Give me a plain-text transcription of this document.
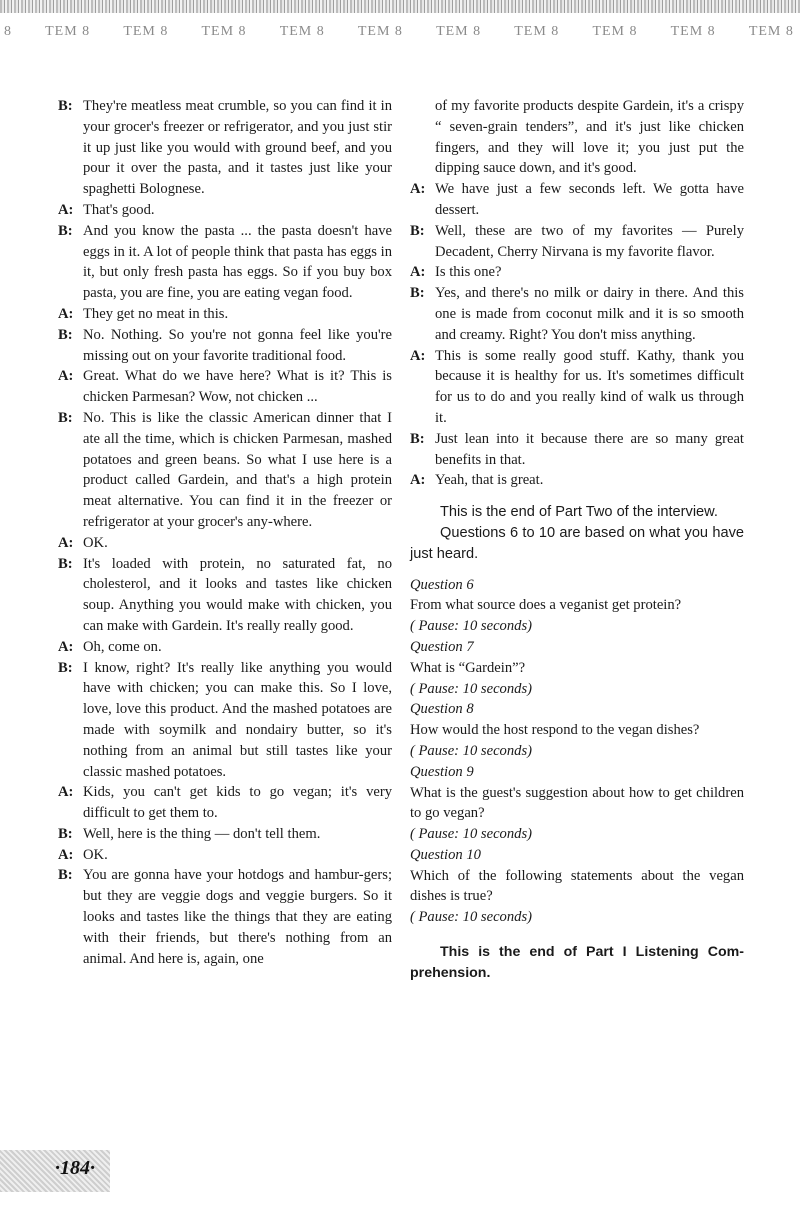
8 TEM 8 TEM 8 TEM 8 TEM 8 TEM 8 TEM 8 TEM 8 TEM 8 TEM 8 TEM 8
B: They're meatless meat crumble, so you can find it in your grocer's freezer or refrigerator, and you just stir it up just like you would with ground beef, and you pour it over the pasta, and it tastes just like your spaghetti Bolognese.
A: That's good.
B: And you know the pasta ... the pasta doesn't have eggs in it. A lot of people think that pasta has eggs in it, but only fresh pasta has eggs. So if you buy box pasta, you are fine, you are eating vegan food.
A: They get no meat in this.
B: No. Nothing. So you're not gonna feel like you're missing out on your favorite traditional food.
A: Great. What do we have here? What is it? This is chicken Parmesan? Wow, not chicken ...
B: No. This is like the classic American dinner that I ate all the time, which is chicken Parmesan, mashed potatoes and green beans. So what I use here is a product called Gardein, and that's a high protein meat alternative. You can find it in the freezer or refrigerator at your grocer's any-where.
A: OK.
B: It's loaded with protein, no saturated fat, no cholesterol, and it looks and tastes like chicken soup. Anything you would make with chicken, you can make with Gardein. It's really really good.
A: Oh, come on.
B: I know, right? It's really like anything you would have with chicken; you can make this. So I love, love, love this product. And the mashed potatoes are made with soymilk and nondairy butter, so it's nothing from an animal but still tastes like your classic mashed potatoes.
A: Kids, you can't get kids to go vegan; it's very difficult to get them to.
B: Well, here is the thing — don't tell them.
A: OK.
B: You are gonna have your hotdogs and hambur-gers; but they are veggie dogs and veggie burgers. So it looks and tastes like the things that they are eating with their friends, but there's nothing from an animal. And here is, again, one
of my favorite products despite Gardein, it's a crispy “ seven-grain tenders”, and it's just like chicken fingers, and they will love it; you just put the dipping sauce down, and it's good.
A: We have just a few seconds left. We gotta have dessert.
B: Well, these are two of my favorites — Purely Decadent, Cherry Nirvana is my favorite flavor.
A: Is this one?
B: Yes, and there's no milk or dairy in there. And this one is made from coconut milk and it is so smooth and creamy. Right? You don't miss anything.
A: This is some really good stuff. Kathy, thank you because it is healthy for us. It's sometimes difficult for us to do and you really kind of walk us through it.
B: Just lean into it because there are so many great benefits in that.
A: Yeah, that is great.
This is the end of Part Two of the interview.
Questions 6 to 10 are based on what you have just heard.
Question 6
From what source does a veganist get protein?
( Pause: 10 seconds)
Question 7
What is “Gardein”?
( Pause: 10 seconds)
Question 8
How would the host respond to the vegan dishes?
( Pause: 10 seconds)
Question 9
What is the guest's suggestion about how to get children to go vegan?
( Pause: 10 seconds)
Question 10
Which of the following statements about the vegan dishes is true?
( Pause: 10 seconds)
This is the end of Part I Listening Com-prehension.
·184·
